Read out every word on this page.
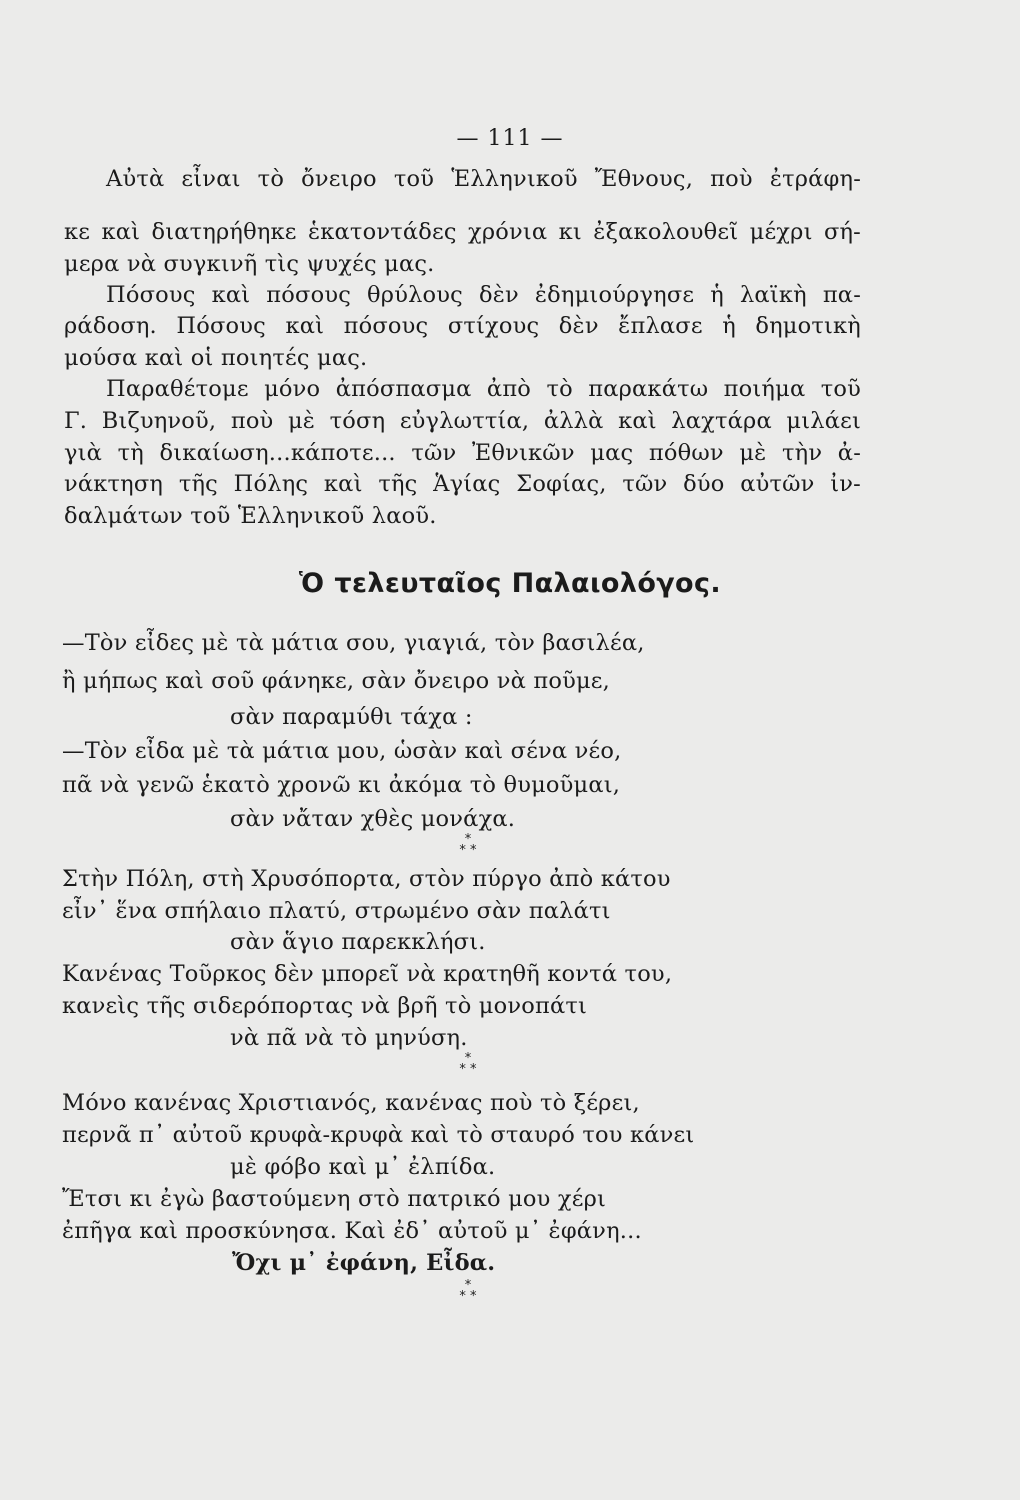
— 111 —
Αὐτὰ εἶναι τὸ ὄνειρο τοῦ Ἑλληνικοῦ Ἔθνους, ποὺ ἐτράφη-
κε καὶ διατηρήθηκε ἑκατοντάδες χρόνια κι ἐξακολουθεῖ μέχρι σή-
μερα νὰ συγκινῆ τὶς ψυχές μας.
Πόσους καὶ πόσους θρύλους δὲν ἐδημιούργησε ἡ λαϊκὴ πα-
ράδοση. Πόσους καὶ πόσους στίχους δὲν ἔπλασε ἡ δημοτικὴ
μούσα καὶ οἱ ποιητές μας.
Παραθέτομε μόνο ἀπόσπασμα ἀπὸ τὸ παρακάτω ποιήμα τοῦ
Γ. Βιζυηνοῦ, ποὺ μὲ τόση εὐγλωττία, ἀλλὰ καὶ λαχτάρα μιλάει
γιὰ τὴ δικαίωση...κάποτε... τῶν Ἐθνικῶν μας πόθων μὲ τὴν ἀ-
νάκτηση τῆς Πόλης καὶ τῆς Ἁγίας Σοφίας, τῶν δύο αὐτῶν ἰν-
δαλμάτων τοῦ Ἑλληνικοῦ λαοῦ.
Ὁ τελευταῖος Παλαιολόγος.
—Τὸν εἶδες μὲ τὰ μάτια σου, γιαγιά, τὸν βασιλέα,
ἢ μήπως καὶ σοῦ φάνηκε, σὰν ὄνειρο νὰ ποῦμε,
σὰν παραμύθι τάχα :
—Τὸν εἶδα μὲ τὰ μάτια μου, ὡσὰν καὶ σένα νέο,
πᾶ νὰ γενῶ ἑκατὸ χρονῶ κι ἀκόμα τὸ θυμοῦμαι,
σὰν νἄταν χθὲς μονάχα.
*
* *
Στὴν Πόλη, στὴ Χρυσόπορτα, στὸν πύργο ἀπὸ κάτου
εἶν᾿ ἕνα σπήλαιο πλατύ, στρωμένο σὰν παλάτι
σὰν ἅγιο παρεκκλήσι.
Κανένας Τοῦρκος δὲν μπορεῖ νὰ κρατηθῆ κοντά του,
κανεὶς τῆς σιδερόπορτας νὰ βρῆ τὸ μονοπάτι
νὰ πᾶ νὰ τὸ μηνύση.
*
* *
Μόνο κανένας Χριστιανός, κανένας ποὺ τὸ ξέρει,
περνᾶ π᾿ αὐτοῦ κρυφὰ-κρυφὰ καὶ τὸ σταυρό του κάνει
μὲ φόβο καὶ μ᾿ ἐλπίδα.
Ἔτσι κι ἐγὼ βαστούμενη στὸ πατρικό μου χέρι
ἐπῆγα καὶ προσκύνησα. Καὶ ἐδ᾿ αὐτοῦ μ᾿ ἐφάνη...
Ὄχι μ᾿ ἐφάνη, Εἶδα.
*
* *
